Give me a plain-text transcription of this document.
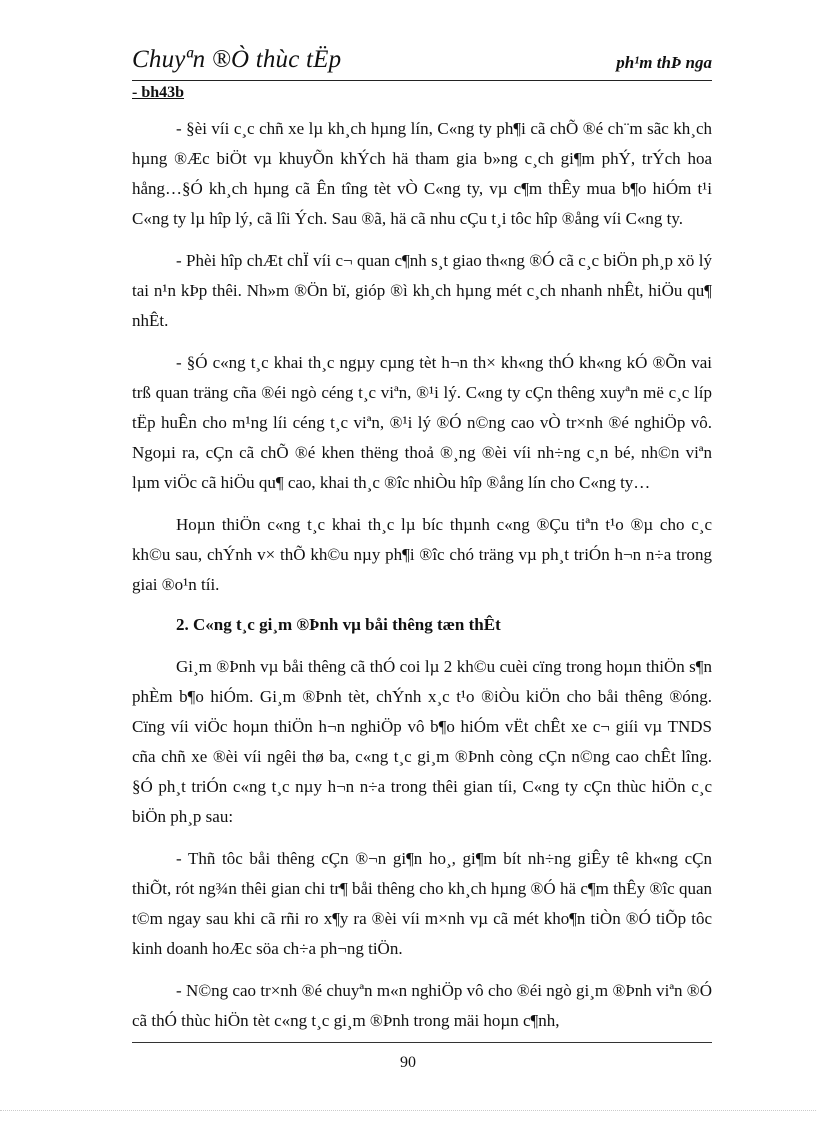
Chuyªn ®Ò thùc tËp	ph¹m thÞ nga
- bh43b

- §èi víi c¸c chñ xe lµ kh¸ch hµng lín, C«ng ty ph¶i cã chÕ ®é ch¨m sãc kh¸ch hµng ®Æc biÖt vµ khuyÕn khÝch hä tham gia b»ng c¸ch gi¶m phÝ, trÝch hoa hång…§Ó kh¸ch hµng cã Ên tîng tèt vÒ C«ng ty, vµ c¶m thÊy mua b¶o hiÓm t¹i C«ng ty lµ hîp lý, cã lîi Ých. Sau ®ã, hä cã nhu cÇu t¸i tôc hîp ®ång víi C«ng ty.

- Phèi hîp chÆt chÏ víi c¬ quan c¶nh s¸t giao th«ng ®Ó cã c¸c biÖn ph¸p xö lý tai n¹n kÞp thêi. Nh»m ®Ön bï, gióp ®ì kh¸ch hµng mét c¸ch nhanh nhÊt, hiÖu qu¶ nhÊt.

- §Ó c«ng t¸c khai th¸c ngµy cµng tèt h¬n th× kh«ng thÓ kh«ng kÓ ®Õn vai trß quan träng cña ®éi ngò céng t¸c viªn, ®¹i lý. C«ng ty cÇn thêng xuyªn më c¸c líp tËp huÊn cho m¹ng líi céng t¸c viªn, ®¹i lý ®Ó n©ng cao vÒ tr×nh ®é nghiÖp vô. Ngoµi ra, cÇn cã chÕ ®é khen thëng thoả ®¸ng ®èi víi nh÷ng c¸n bé, nh©n viªn lµm viÖc cã hiÖu qu¶ cao, khai th¸c ®îc nhiÒu hîp ®ång lín cho C«ng ty…

Hoµn thiÖn c«ng t¸c khai th¸c lµ bíc thµnh c«ng ®Çu tiªn t¹o ®µ cho c¸c kh©u sau, chÝnh v× thÕ kh©u nµy ph¶i ®îc chó träng vµ ph¸t triÓn h¬n n÷a trong giai ®o¹n tíi.

2. C«ng t¸c gi¸m ®Þnh vµ båi thêng tæn thÊt

Gi¸m ®Þnh vµ båi thêng cã thÓ coi lµ 2 kh©u cuèi cïng trong hoµn thiÖn s¶n phÈm b¶o hiÓm. Gi¸m ®Þnh tèt, chÝnh x¸c t¹o ®iÒu kiÖn cho båi thêng ®óng. Cïng víi viÖc hoµn thiÖn h¬n nghiÖp vô b¶o hiÓm vËt chÊt xe c¬ giíi vµ TNDS cña chñ xe ®èi víi ngêi thø ba, c«ng t¸c gi¸m ®Þnh còng cÇn n©ng cao chÊt lîng. §Ó ph¸t triÓn c«ng t¸c nµy h¬n n÷a trong thêi gian tíi, C«ng ty cÇn thùc hiÖn c¸c biÖn ph¸p sau:

- Thñ tôc båi thêng cÇn ®¬n gi¶n ho¸, gi¶m bít nh÷ng giÊy tê kh«ng cÇn thiÕt, rót ng¾n thêi gian chi tr¶ båi thêng cho kh¸ch hµng ®Ó hä c¶m thÊy ®îc quan t©m ngay sau khi cã rñi ro x¶y ra ®èi víi m×nh vµ cã mét kho¶n tiÒn ®Ó tiÕp tôc kinh doanh hoÆc söa ch÷a ph¬ng tiÖn.

- N©ng cao tr×nh ®é chuyªn m«n nghiÖp vô cho ®éi ngò gi¸m ®Þnh viªn ®Ó cã thÓ thùc hiÖn tèt c«ng t¸c gi¸m ®Þnh trong mäi hoµn c¶nh,

90
